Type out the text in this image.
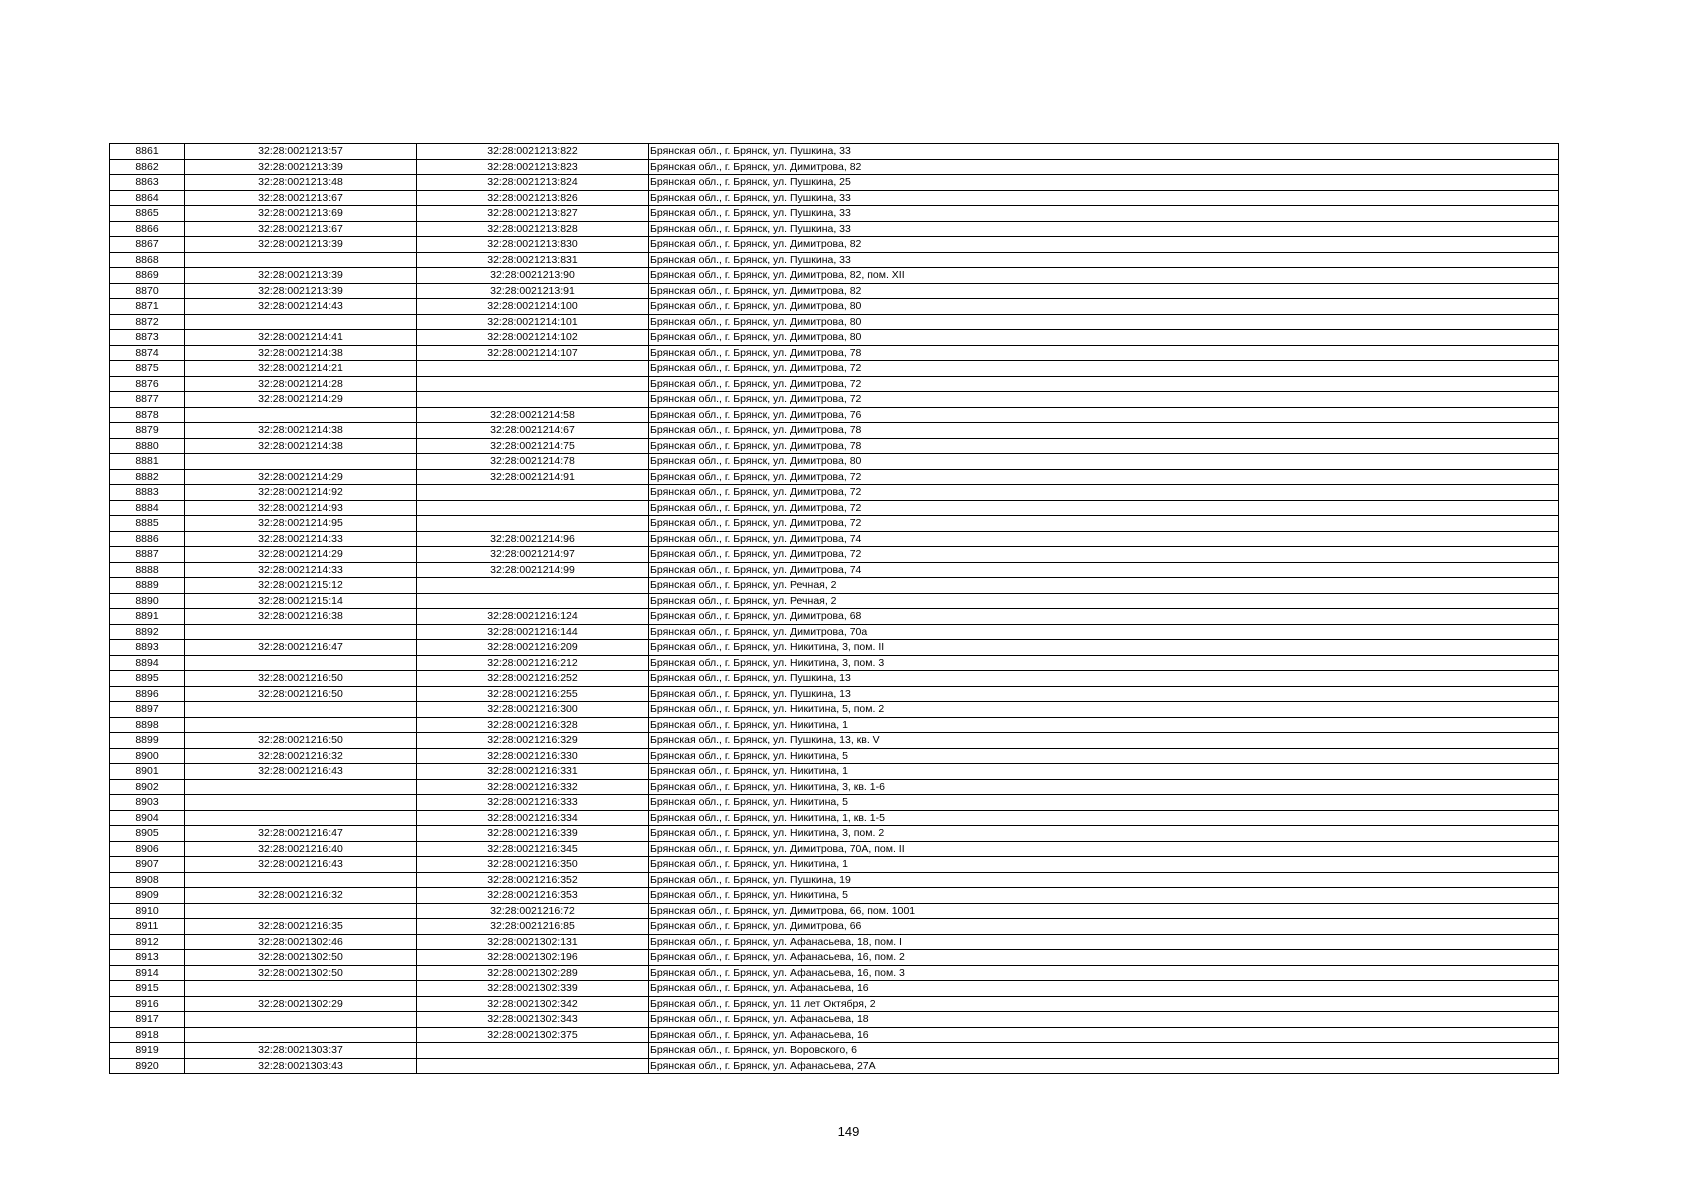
8861	32:28:0021213:57	32:28:0021213:822	Брянская обл., г. Брянск, ул. Пушкина, 33
8862	32:28:0021213:39	32:28:0021213:823	Брянская обл., г. Брянск, ул. Димитрова, 82
8863	32:28:0021213:48	32:28:0021213:824	Брянская обл., г. Брянск, ул. Пушкина, 25
8864	32:28:0021213:67	32:28:0021213:826	Брянская обл., г. Брянск, ул. Пушкина, 33
8865	32:28:0021213:69	32:28:0021213:827	Брянская обл., г. Брянск, ул. Пушкина, 33
8866	32:28:0021213:67	32:28:0021213:828	Брянская обл., г. Брянск, ул. Пушкина, 33
8867	32:28:0021213:39	32:28:0021213:830	Брянская обл., г. Брянск, ул. Димитрова, 82
8868		32:28:0021213:831	Брянская обл., г. Брянск, ул. Пушкина, 33
8869	32:28:0021213:39	32:28:0021213:90	Брянская обл., г. Брянск, ул. Димитрова, 82, пом. XII
8870	32:28:0021213:39	32:28:0021213:91	Брянская обл., г. Брянск, ул. Димитрова, 82
8871	32:28:0021214:43	32:28:0021214:100	Брянская обл., г. Брянск, ул. Димитрова, 80
8872		32:28:0021214:101	Брянская обл., г. Брянск, ул. Димитрова, 80
8873	32:28:0021214:41	32:28:0021214:102	Брянская обл., г. Брянск, ул. Димитрова, 80
8874	32:28:0021214:38	32:28:0021214:107	Брянская обл., г. Брянск, ул. Димитрова, 78
8875	32:28:0021214:21		Брянская обл., г. Брянск, ул. Димитрова, 72
8876	32:28:0021214:28		Брянская обл., г. Брянск, ул. Димитрова, 72
8877	32:28:0021214:29		Брянская обл., г. Брянск, ул. Димитрова, 72
8878		32:28:0021214:58	Брянская обл., г. Брянск, ул. Димитрова, 76
8879	32:28:0021214:38	32:28:0021214:67	Брянская обл., г. Брянск, ул. Димитрова, 78
8880	32:28:0021214:38	32:28:0021214:75	Брянская обл., г. Брянск, ул. Димитрова, 78
8881		32:28:0021214:78	Брянская обл., г. Брянск, ул. Димитрова, 80
8882	32:28:0021214:29	32:28:0021214:91	Брянская обл., г. Брянск, ул. Димитрова, 72
8883	32:28:0021214:92		Брянская обл., г. Брянск, ул. Димитрова, 72
8884	32:28:0021214:93		Брянская обл., г. Брянск, ул. Димитрова, 72
8885	32:28:0021214:95		Брянская обл., г. Брянск, ул. Димитрова, 72
8886	32:28:0021214:33	32:28:0021214:96	Брянская обл., г. Брянск, ул. Димитрова, 74
8887	32:28:0021214:29	32:28:0021214:97	Брянская обл., г. Брянск, ул. Димитрова, 72
8888	32:28:0021214:33	32:28:0021214:99	Брянская обл., г. Брянск, ул. Димитрова, 74
8889	32:28:0021215:12		Брянская обл., г. Брянск, ул. Речная, 2
8890	32:28:0021215:14		Брянская обл., г. Брянск, ул. Речная, 2
8891	32:28:0021216:38	32:28:0021216:124	Брянская обл., г. Брянск, ул. Димитрова, 68
8892		32:28:0021216:144	Брянская обл., г. Брянск, ул. Димитрова, 70а
8893	32:28:0021216:47	32:28:0021216:209	Брянская обл., г. Брянск, ул. Никитина, 3, пом. II
8894		32:28:0021216:212	Брянская обл., г. Брянск, ул. Никитина, 3, пом. 3
8895	32:28:0021216:50	32:28:0021216:252	Брянская обл., г. Брянск, ул. Пушкина, 13
8896	32:28:0021216:50	32:28:0021216:255	Брянская обл., г. Брянск, ул. Пушкина, 13
8897		32:28:0021216:300	Брянская обл., г. Брянск, ул. Никитина, 5, пом. 2
8898		32:28:0021216:328	Брянская обл., г. Брянск, ул. Никитина, 1
8899	32:28:0021216:50	32:28:0021216:329	Брянская обл., г. Брянск, ул. Пушкина, 13, кв. V
8900	32:28:0021216:32	32:28:0021216:330	Брянская обл., г. Брянск, ул. Никитина, 5
8901	32:28:0021216:43	32:28:0021216:331	Брянская обл., г. Брянск, ул. Никитина, 1
8902		32:28:0021216:332	Брянская обл., г. Брянск, ул. Никитина, 3, кв. 1-6
8903		32:28:0021216:333	Брянская обл., г. Брянск, ул. Никитина, 5
8904		32:28:0021216:334	Брянская обл., г. Брянск, ул. Никитина, 1, кв. 1-5
8905	32:28:0021216:47	32:28:0021216:339	Брянская обл., г. Брянск, ул. Никитина, 3, пом. 2
8906	32:28:0021216:40	32:28:0021216:345	Брянская обл., г. Брянск, ул. Димитрова, 70А, пом. II
8907	32:28:0021216:43	32:28:0021216:350	Брянская обл., г. Брянск, ул. Никитина, 1
8908		32:28:0021216:352	Брянская обл., г. Брянск, ул. Пушкина, 19
8909	32:28:0021216:32	32:28:0021216:353	Брянская обл., г. Брянск, ул. Никитина, 5
8910		32:28:0021216:72	Брянская обл., г. Брянск, ул. Димитрова, 66, пом. 1001
8911	32:28:0021216:35	32:28:0021216:85	Брянская обл., г. Брянск, ул. Димитрова, 66
8912	32:28:0021302:46	32:28:0021302:131	Брянская обл., г. Брянск, ул. Афанасьева, 18, пом. I
8913	32:28:0021302:50	32:28:0021302:196	Брянская обл., г. Брянск, ул. Афанасьева, 16, пом. 2
8914	32:28:0021302:50	32:28:0021302:289	Брянская обл., г. Брянск, ул. Афанасьева, 16, пом. 3
8915		32:28:0021302:339	Брянская обл., г. Брянск, ул. Афанасьева, 16
8916	32:28:0021302:29	32:28:0021302:342	Брянская обл., г. Брянск, ул. 11 лет Октября, 2
8917		32:28:0021302:343	Брянская обл., г. Брянск, ул. Афанасьева, 18
8918		32:28:0021302:375	Брянская обл., г. Брянск, ул. Афанасьева, 16
8919	32:28:0021303:37		Брянская обл., г. Брянск, ул. Воровского, 6
8920	32:28:0021303:43		Брянская обл., г. Брянск, ул. Афанасьева, 27А
149
